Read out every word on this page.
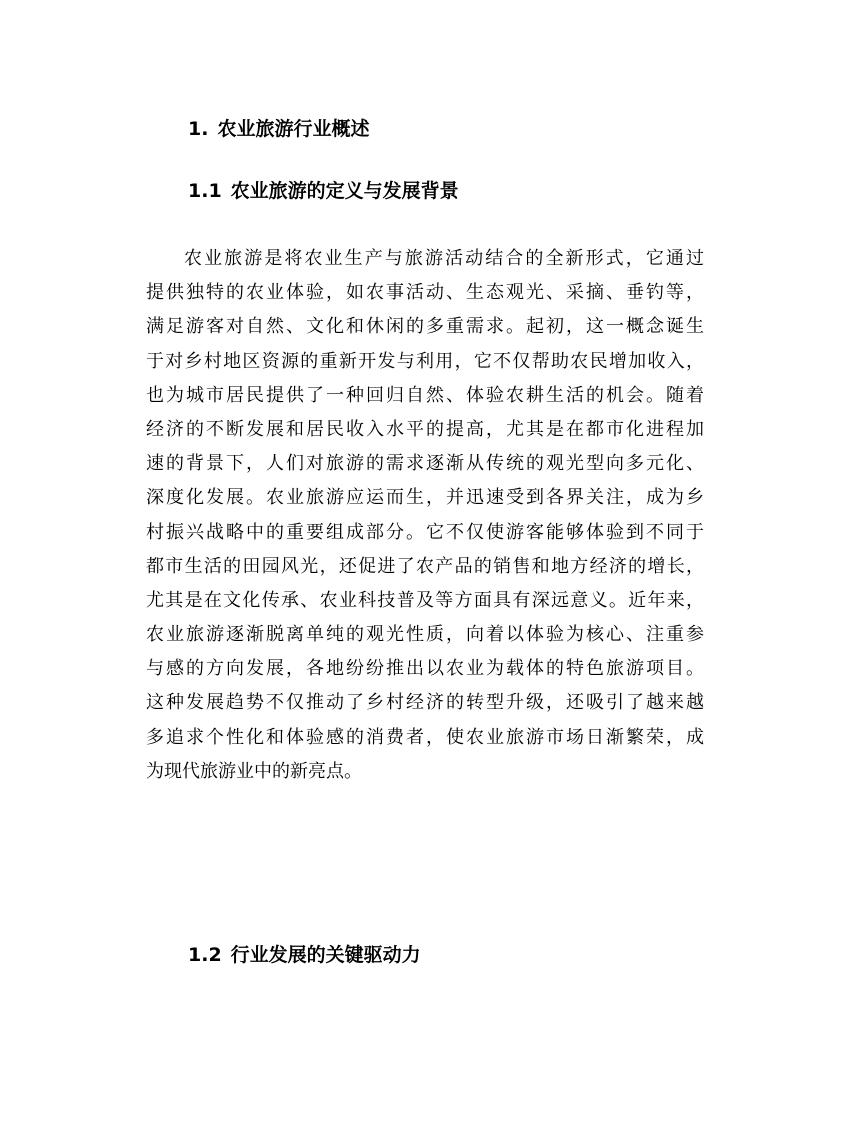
1. 农业旅游行业概述
1.1 农业旅游的定义与发展背景
农业旅游是将农业生产与旅游活动结合的全新形式，它通过
提供独特的农业体验，如农事活动、生态观光、采摘、垂钓等，
满足游客对自然、文化和休闲的多重需求。起初，这一概念诞生
于对乡村地区资源的重新开发与利用，它不仅帮助农民增加收入，
也为城市居民提供了一种回归自然、体验农耕生活的机会。随着
经济的不断发展和居民收入水平的提高，尤其是在都市化进程加
速的背景下，人们对旅游的需求逐渐从传统的观光型向多元化、
深度化发展。农业旅游应运而生，并迅速受到各界关注，成为乡
村振兴战略中的重要组成部分。它不仅使游客能够体验到不同于
都市生活的田园风光，还促进了农产品的销售和地方经济的增长，
尤其是在文化传承、农业科技普及等方面具有深远意义。近年来，
农业旅游逐渐脱离单纯的观光性质，向着以体验为核心、注重参
与感的方向发展，各地纷纷推出以农业为载体的特色旅游项目。
这种发展趋势不仅推动了乡村经济的转型升级，还吸引了越来越
多追求个性化和体验感的消费者，使农业旅游市场日渐繁荣，成
为现代旅游业中的新亮点。
1.2 行业发展的关键驱动力
